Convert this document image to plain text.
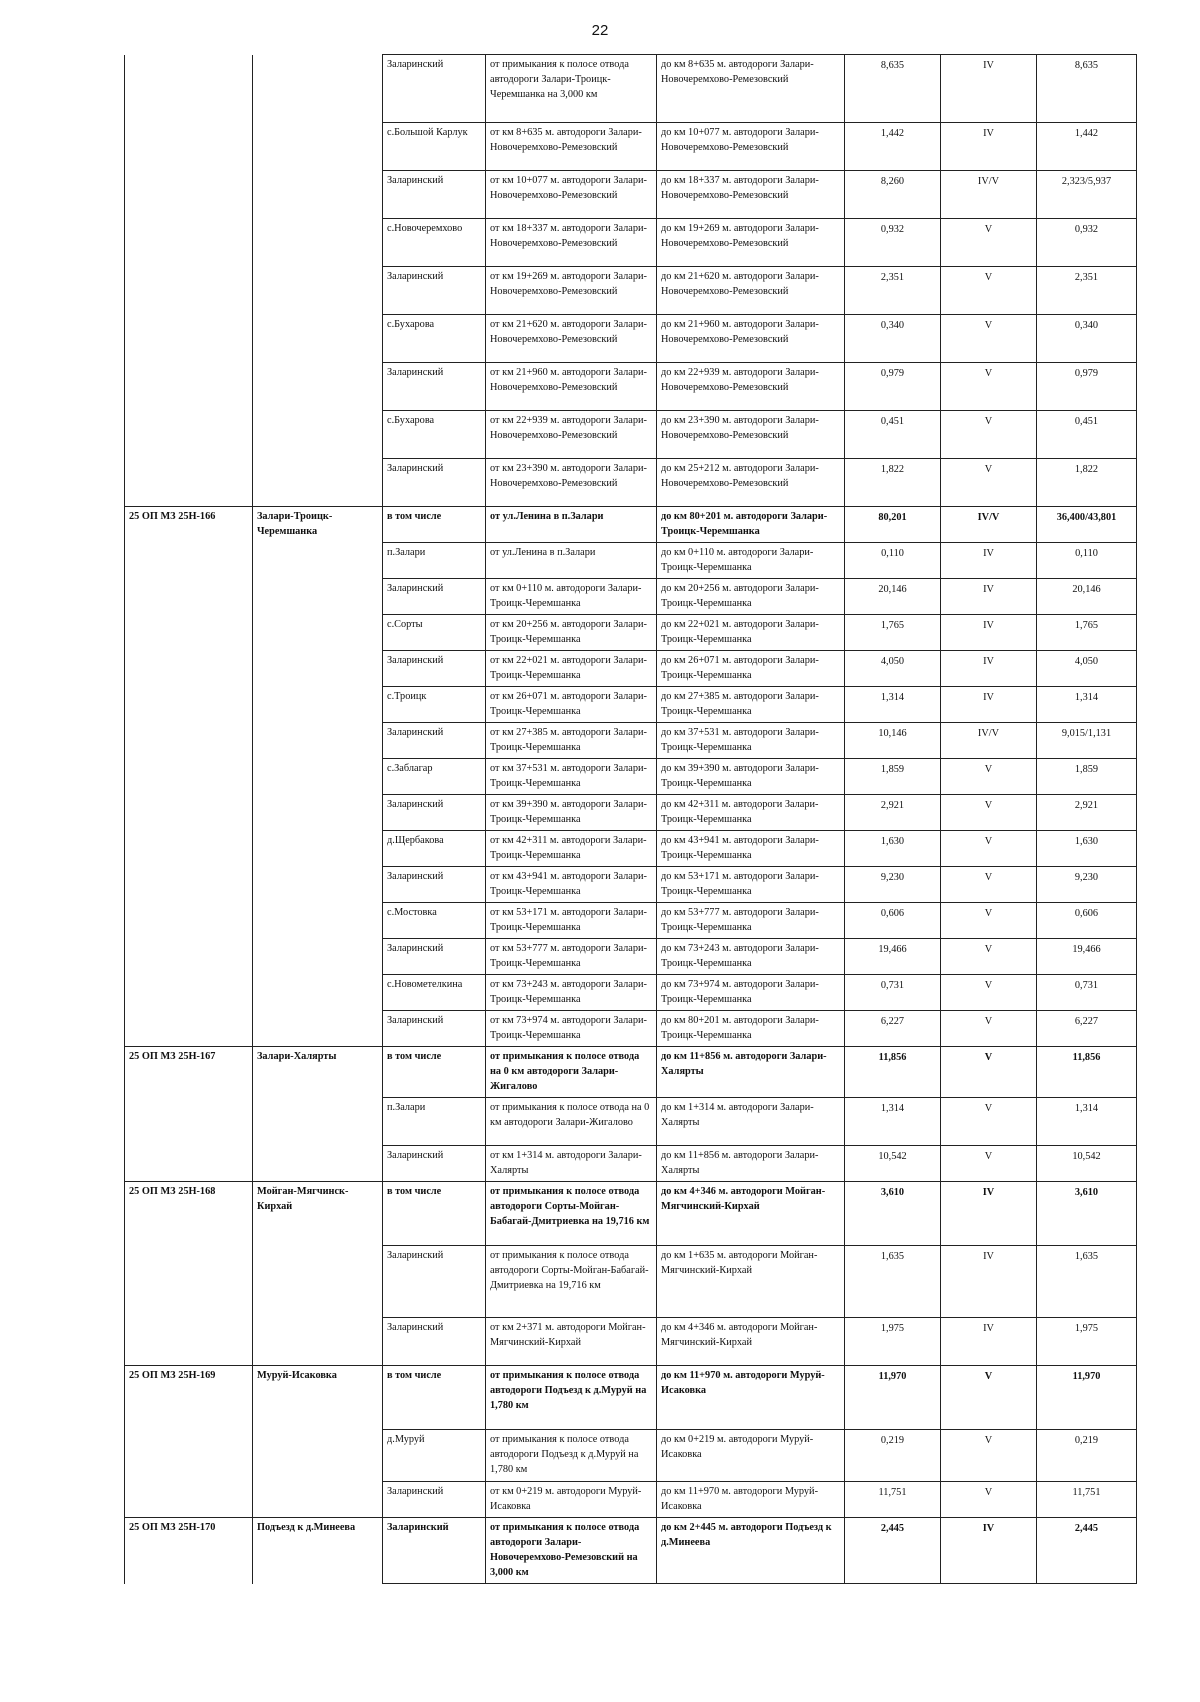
22
		Заларинский	от примыкания к полосе отвода автодороги Залари-Троицк-Черемшанка на 3,000 км	до км 8+635 м. автодороги Залари-Новочеремхово-Ремезовский	8,635	IV	8,635
		с.Большой Карлук	от км 8+635 м. автодороги Залари-Новочеремхово-Ремезовский	до км 10+077 м. автодороги Залари-Новочеремхово-Ремезовский	1,442	IV	1,442
		Заларинский	от км 10+077 м. автодороги Залари-Новочеремхово-Ремезовский	до км 18+337 м. автодороги Залари-Новочеремхово-Ремезовский	8,260	IV/V	2,323/5,937
		с.Новочеремхово	от км 18+337 м. автодороги Залари-Новочеремхово-Ремезовский	до км 19+269 м. автодороги Залари-Новочеремхово-Ремезовский	0,932	V	0,932
		Заларинский	от км 19+269 м. автодороги Залари-Новочеремхово-Ремезовский	до км 21+620 м. автодороги Залари-Новочеремхово-Ремезовский	2,351	V	2,351
		с.Бухарова	от км 21+620 м. автодороги Залари-Новочеремхово-Ремезовский	до км 21+960 м. автодороги Залари-Новочеремхово-Ремезовский	0,340	V	0,340
		Заларинский	от км 21+960 м. автодороги Залари-Новочеремхово-Ремезовский	до км 22+939 м. автодороги Залари-Новочеремхово-Ремезовский	0,979	V	0,979
		с.Бухарова	от км 22+939 м. автодороги Залари-Новочеремхово-Ремезовский	до км 23+390 м. автодороги Залари-Новочеремхово-Ремезовский	0,451	V	0,451
		Заларинский	от км 23+390 м. автодороги Залари-Новочеремхово-Ремезовский	до км 25+212 м. автодороги Залари-Новочеремхово-Ремезовский	1,822	V	1,822
25 ОП МЗ 25Н-166	Залари-Троицк-Черемшанка	в том числе	от ул.Ленина в п.Залари	до км 80+201 м. автодороги Залари-Троицк-Черемшанка	80,201	IV/V	36,400/43,801
		п.Залари	от ул.Ленина в п.Залари	до км 0+110 м. автодороги Залари-Троицк-Черемшанка	0,110	IV	0,110
		Заларинский	от км 0+110 м. автодороги Залари-Троицк-Черемшанка	до км 20+256 м. автодороги Залари-Троицк-Черемшанка	20,146	IV	20,146
		с.Сорты	от км 20+256 м. автодороги Залари-Троицк-Черемшанка	до км 22+021 м. автодороги Залари-Троицк-Черемшанка	1,765	IV	1,765
		Заларинский	от км 22+021 м. автодороги Залари-Троицк-Черемшанка	до км 26+071 м. автодороги Залари-Троицк-Черемшанка	4,050	IV	4,050
		с.Троицк	от км 26+071 м. автодороги Залари-Троицк-Черемшанка	до км 27+385 м. автодороги Залари-Троицк-Черемшанка	1,314	IV	1,314
		Заларинский	от км 27+385 м. автодороги Залари-Троицк-Черемшанка	до км 37+531 м. автодороги Залари-Троицк-Черемшанка	10,146	IV/V	9,015/1,131
		с.Заблагар	от км 37+531 м. автодороги Залари-Троицк-Черемшанка	до км 39+390 м. автодороги Залари-Троицк-Черемшанка	1,859	V	1,859
		Заларинский	от км 39+390 м. автодороги Залари-Троицк-Черемшанка	до км 42+311 м. автодороги Залари-Троицк-Черемшанка	2,921	V	2,921
		д.Щербакова	от км 42+311 м. автодороги Залари-Троицк-Черемшанка	до км 43+941 м. автодороги Залари-Троицк-Черемшанка	1,630	V	1,630
		Заларинский	от км 43+941 м. автодороги Залари-Троицк-Черемшанка	до км 53+171 м. автодороги Залари-Троицк-Черемшанка	9,230	V	9,230
		с.Мостовка	от км 53+171 м. автодороги Залари-Троицк-Черемшанка	до км 53+777 м. автодороги Залари-Троицк-Черемшанка	0,606	V	0,606
		Заларинский	от км 53+777 м. автодороги Залари-Троицк-Черемшанка	до км 73+243 м. автодороги Залари-Троицк-Черемшанка	19,466	V	19,466
		с.Новометелкина	от км 73+243 м. автодороги Залари-Троицк-Черемшанка	до км 73+974 м. автодороги Залари-Троицк-Черемшанка	0,731	V	0,731
		Заларинский	от км 73+974 м. автодороги Залари-Троицк-Черемшанка	до км 80+201 м. автодороги Залари-Троицк-Черемшанка	6,227	V	6,227
25 ОП МЗ 25Н-167	Залари-Халярты	в том числе	от примыкания к полосе отвода на 0 км автодороги Залари-Жигалово	до км 11+856 м. автодороги Залари-Халярты	11,856	V	11,856
		п.Залари	от примыкания к полосе отвода на 0 км автодороги Залари-Жигалово	до км 1+314 м. автодороги Залари-Халярты	1,314	V	1,314
		Заларинский	от км 1+314 м. автодороги Залари-Халярты	до км 11+856 м. автодороги Залари-Халярты	10,542	V	10,542
25 ОП МЗ 25Н-168	Мойган-Мягчинск-Кирхай	в том числе	от примыкания к полосе отвода автодороги Сорты-Мойган-Бабагай-Дмитриевка на 19,716 км	до км 4+346 м. автодороги Мойган-Мягчинский-Кирхай	3,610	IV	3,610
		Заларинский	от примыкания к полосе отвода автодороги Сорты-Мойган-Бабагай-Дмитриевка на 19,716 км	до км 1+635 м. автодороги Мойган-Мягчинский-Кирхай	1,635	IV	1,635
		Заларинский	от км 2+371 м. автодороги Мойган-Мягчинский-Кирхай	до км 4+346 м. автодороги Мойган-Мягчинский-Кирхай	1,975	IV	1,975
25 ОП МЗ 25Н-169	Муруй-Исаковка	в том числе	от примыкания к полосе отвода автодороги Подъезд к д.Муруй на 1,780 км	до км 11+970 м. автодороги Муруй-Исаковка	11,970	V	11,970
		д.Муруй	от примыкания к полосе отвода автодороги Подъезд к д.Муруй на 1,780 км	до км 0+219 м. автодороги Муруй-Исаковка	0,219	V	0,219
		Заларинский	от км 0+219 м. автодороги Муруй-Исаковка	до км 11+970 м. автодороги Муруй-Исаковка	11,751	V	11,751
25 ОП МЗ 25Н-170	Подъезд к д.Минеева	Заларинский	от примыкания к полосе отвода автодороги Залари-Новочеремхово-Ремезовский на 3,000 км	до км 2+445 м. автодороги Подъезд к д.Минеева	2,445	IV	2,445
